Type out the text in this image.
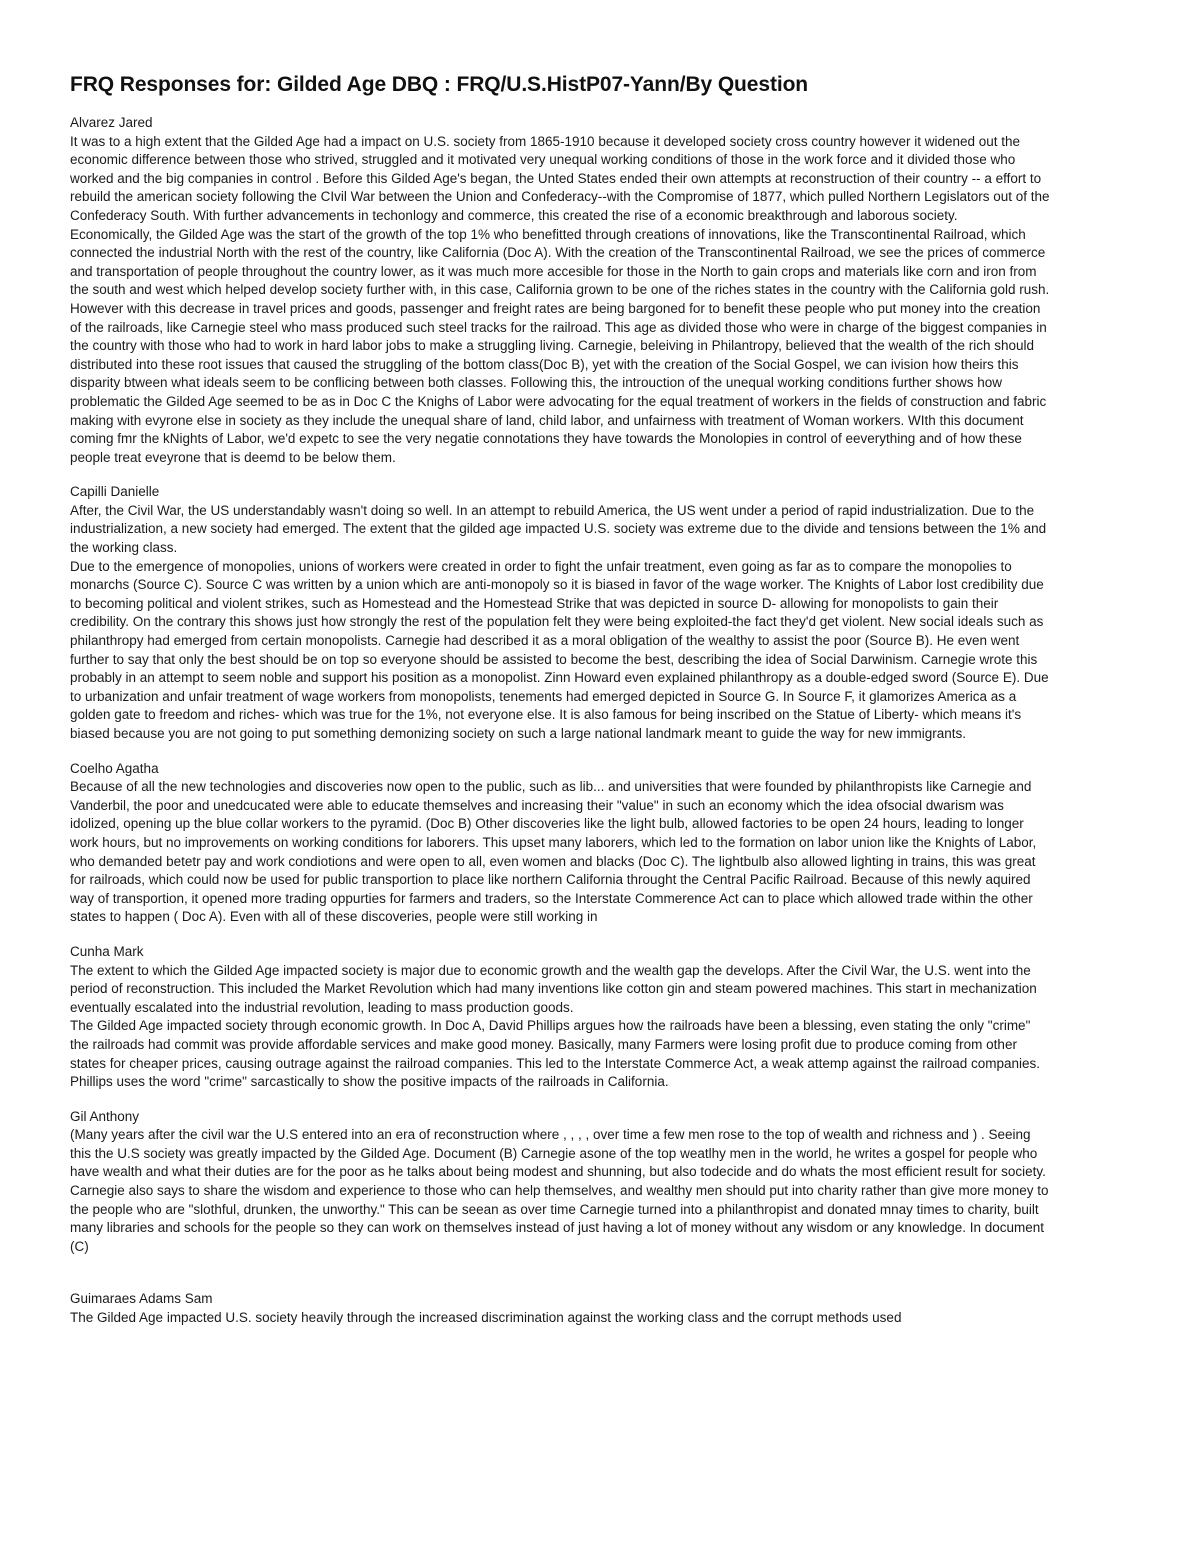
FRQ Responses for: Gilded Age DBQ : FRQ/U.S.HistP07-Yann/By Question

Alvarez Jared

It was to a high extent that the Gilded Age had a impact on U.S. society from 1865-1910 because it developed society cross country however it widened out the economic difference between those who strived, struggled and it motivated very unequal working conditions of those in the work force and it divided those who worked and the big companies in control . Before this Gilded Age's began, the Unted States ended their own attempts at reconstruction of their country -- a effort to rebuild the american society following the CIvil War between the Union and Confederacy--with the Compromise of 1877, which pulled Northern Legislators out of the Confederacy South. With further advancements in techonlogy and commerce, this created the rise of a economic breakthrough and laborous society.

Economically, the Gilded Age was the start of the growth of the top 1% who benefitted through creations of innovations, like the Transcontinental Railroad, which connected the industrial North with the rest of the country, like California (Doc A). With the creation of the Transcontinental Railroad, we see the prices of commerce and transportation of people throughout the country lower, as it was much more accesible for those in the North to gain crops and materials like corn and iron from the south and west which helped develop society further with, in this case, California grown to be one of the riches states in the country with the California gold rush. However with this decrease in travel prices and goods, passenger and freight rates are being bargoned for to benefit these people who put money into the creation of the railroads, like Carnegie steel who mass produced such steel tracks for the railroad. This age as divided those who were in charge of the biggest companies in the country with those who had to work in hard labor jobs to make a struggling living. Carnegie, beleiving in Philantropy, believed that the wealth of the rich should distributed into these root issues that caused the struggling of the bottom class(Doc B), yet with the creation of the Social Gospel, we can ivision how theirs this disparity btween what ideals seem to be conflicing between both classes. Following this, the introuction of the unequal working conditions further shows how problematic the Gilded Age seemed to be as in Doc C the Knighs of Labor were advocating for the equal treatment of workers in the fields of construction and fabric making with evyrone else in society as they include the unequal share of land, child labor, and unfairness with treatment of Woman workers. WIth this document coming fmr the kNights of Labor, we'd expetc to see the very negatie connotations they have towards the Monolopies in control of eeverything and of how these people treat eveyrone that is deemd to be below them.

Capilli Danielle

After, the Civil War, the US understandably wasn't doing so well. In an attempt to rebuild America, the US went under a period of rapid industrialization. Due to the industrialization, a new society had emerged. The extent that the gilded age impacted U.S. society was extreme due to the divide and tensions between the 1% and the working class.

Due to the emergence of monopolies, unions of workers were created in order to fight the unfair treatment, even going as far as to compare the monopolies to monarchs (Source C). Source C was written by a union which are anti-monopoly so it is biased in favor of the wage worker. The Knights of Labor lost credibility due to becoming political and violent strikes, such as Homestead and the Homestead Strike that was depicted in source D- allowing for monopolists to gain their credibility. On the contrary this shows just how strongly the rest of the population felt they were being exploited-the fact they'd get violent. New social ideals such as philanthropy had emerged from certain monopolists. Carnegie had described it as a moral obligation of the wealthy to assist the poor (Source B). He even went further to say that only the best should be on top so everyone should be assisted to become the best, describing the idea of Social Darwinism. Carnegie wrote this probably in an attempt to seem noble and support his position as a monopolist. Zinn Howard even explained philanthropy as a double-edged sword (Source E). Due to urbanization and unfair treatment of wage workers from monopolists, tenements had emerged depicted in Source G. In Source F, it glamorizes America as a golden gate to freedom and riches- which was true for the 1%, not everyone else. It is also famous for being inscribed on the Statue of Liberty- which means it's biased because you are not going to put something demonizing society on such a large national landmark meant to guide the way for new immigrants.

Coelho Agatha

Because of all the new technologies and discoveries now open to the public, such as lib... and universities that were founded by philanthropists like Carnegie and Vanderbil, the poor and unedcucated were able to educate themselves and increasing their "value" in such an economy which the idea ofsocial dwarism was idolized, opening up the blue collar workers to the pyramid. (Doc B) Other discoveries like the light bulb, allowed factories to be open 24 hours, leading to longer work hours, but no improvements on working conditions for laborers. This upset many laborers, which led to the formation on labor union like the Knights of Labor, who demanded betetr pay and work condiotions and were open to all, even women and blacks (Doc C). The lightbulb also allowed lighting in trains, this was great for railroads, which could now be used for public transportion to place like northern California throught the Central Pacific Railroad. Because of this newly aquired way of transportion, it opened more trading oppurties for farmers and traders, so the Interstate Commerence Act can to place which allowed trade within the other states to happen ( Doc A). Even with all of these discoveries, people were still working in

Cunha Mark

The extent to which the Gilded Age impacted society is major due to economic growth and the wealth gap the develops. After the Civil War, the U.S. went into the period of reconstruction. This included the Market Revolution which had many inventions like cotton gin and steam powered machines. This start in mechanization eventually escalated into the industrial revolution, leading to mass production goods.

The Gilded Age impacted society through economic growth. In Doc A, David Phillips argues how the railroads have been a blessing, even stating the only "crime" the railroads had commit was provide affordable services and make good money. Basically, many Farmers were losing profit due to produce coming from other states for cheaper prices, causing outrage against the railroad companies. This led to the Interstate Commerce Act, a weak attemp against the railroad companies. Phillips uses the word "crime" sarcastically to show the positive impacts of the railroads in California.

Gil Anthony

(Many years after the civil war the U.S entered into an era of reconstruction where , , , , over time a few men rose to the top of wealth and richness and ) . Seeing this the U.S society was greatly impacted by the Gilded Age. Document (B) Carnegie asone of the top weatlhy men in the world, he writes a gospel for people who have wealth and what their duties are for the poor as he talks about being modest and shunning, but also todecide and do whats the most efficient result for society. Carnegie also says to share the wisdom and experience to those who can help themselves, and wealthy men should put into charity rather than give more money to the people who are "slothful, drunken, the unworthy." This can be seean as over time Carnegie turned into a philanthropist and donated mnay times to charity, built many libraries and schools for the people so they can work on themselves instead of just having a lot of money without any wisdom or any knowledge. In document (C)

Guimaraes Adams Sam

The Gilded Age impacted U.S. society heavily through the increased discrimination against the working class and the corrupt methods used
